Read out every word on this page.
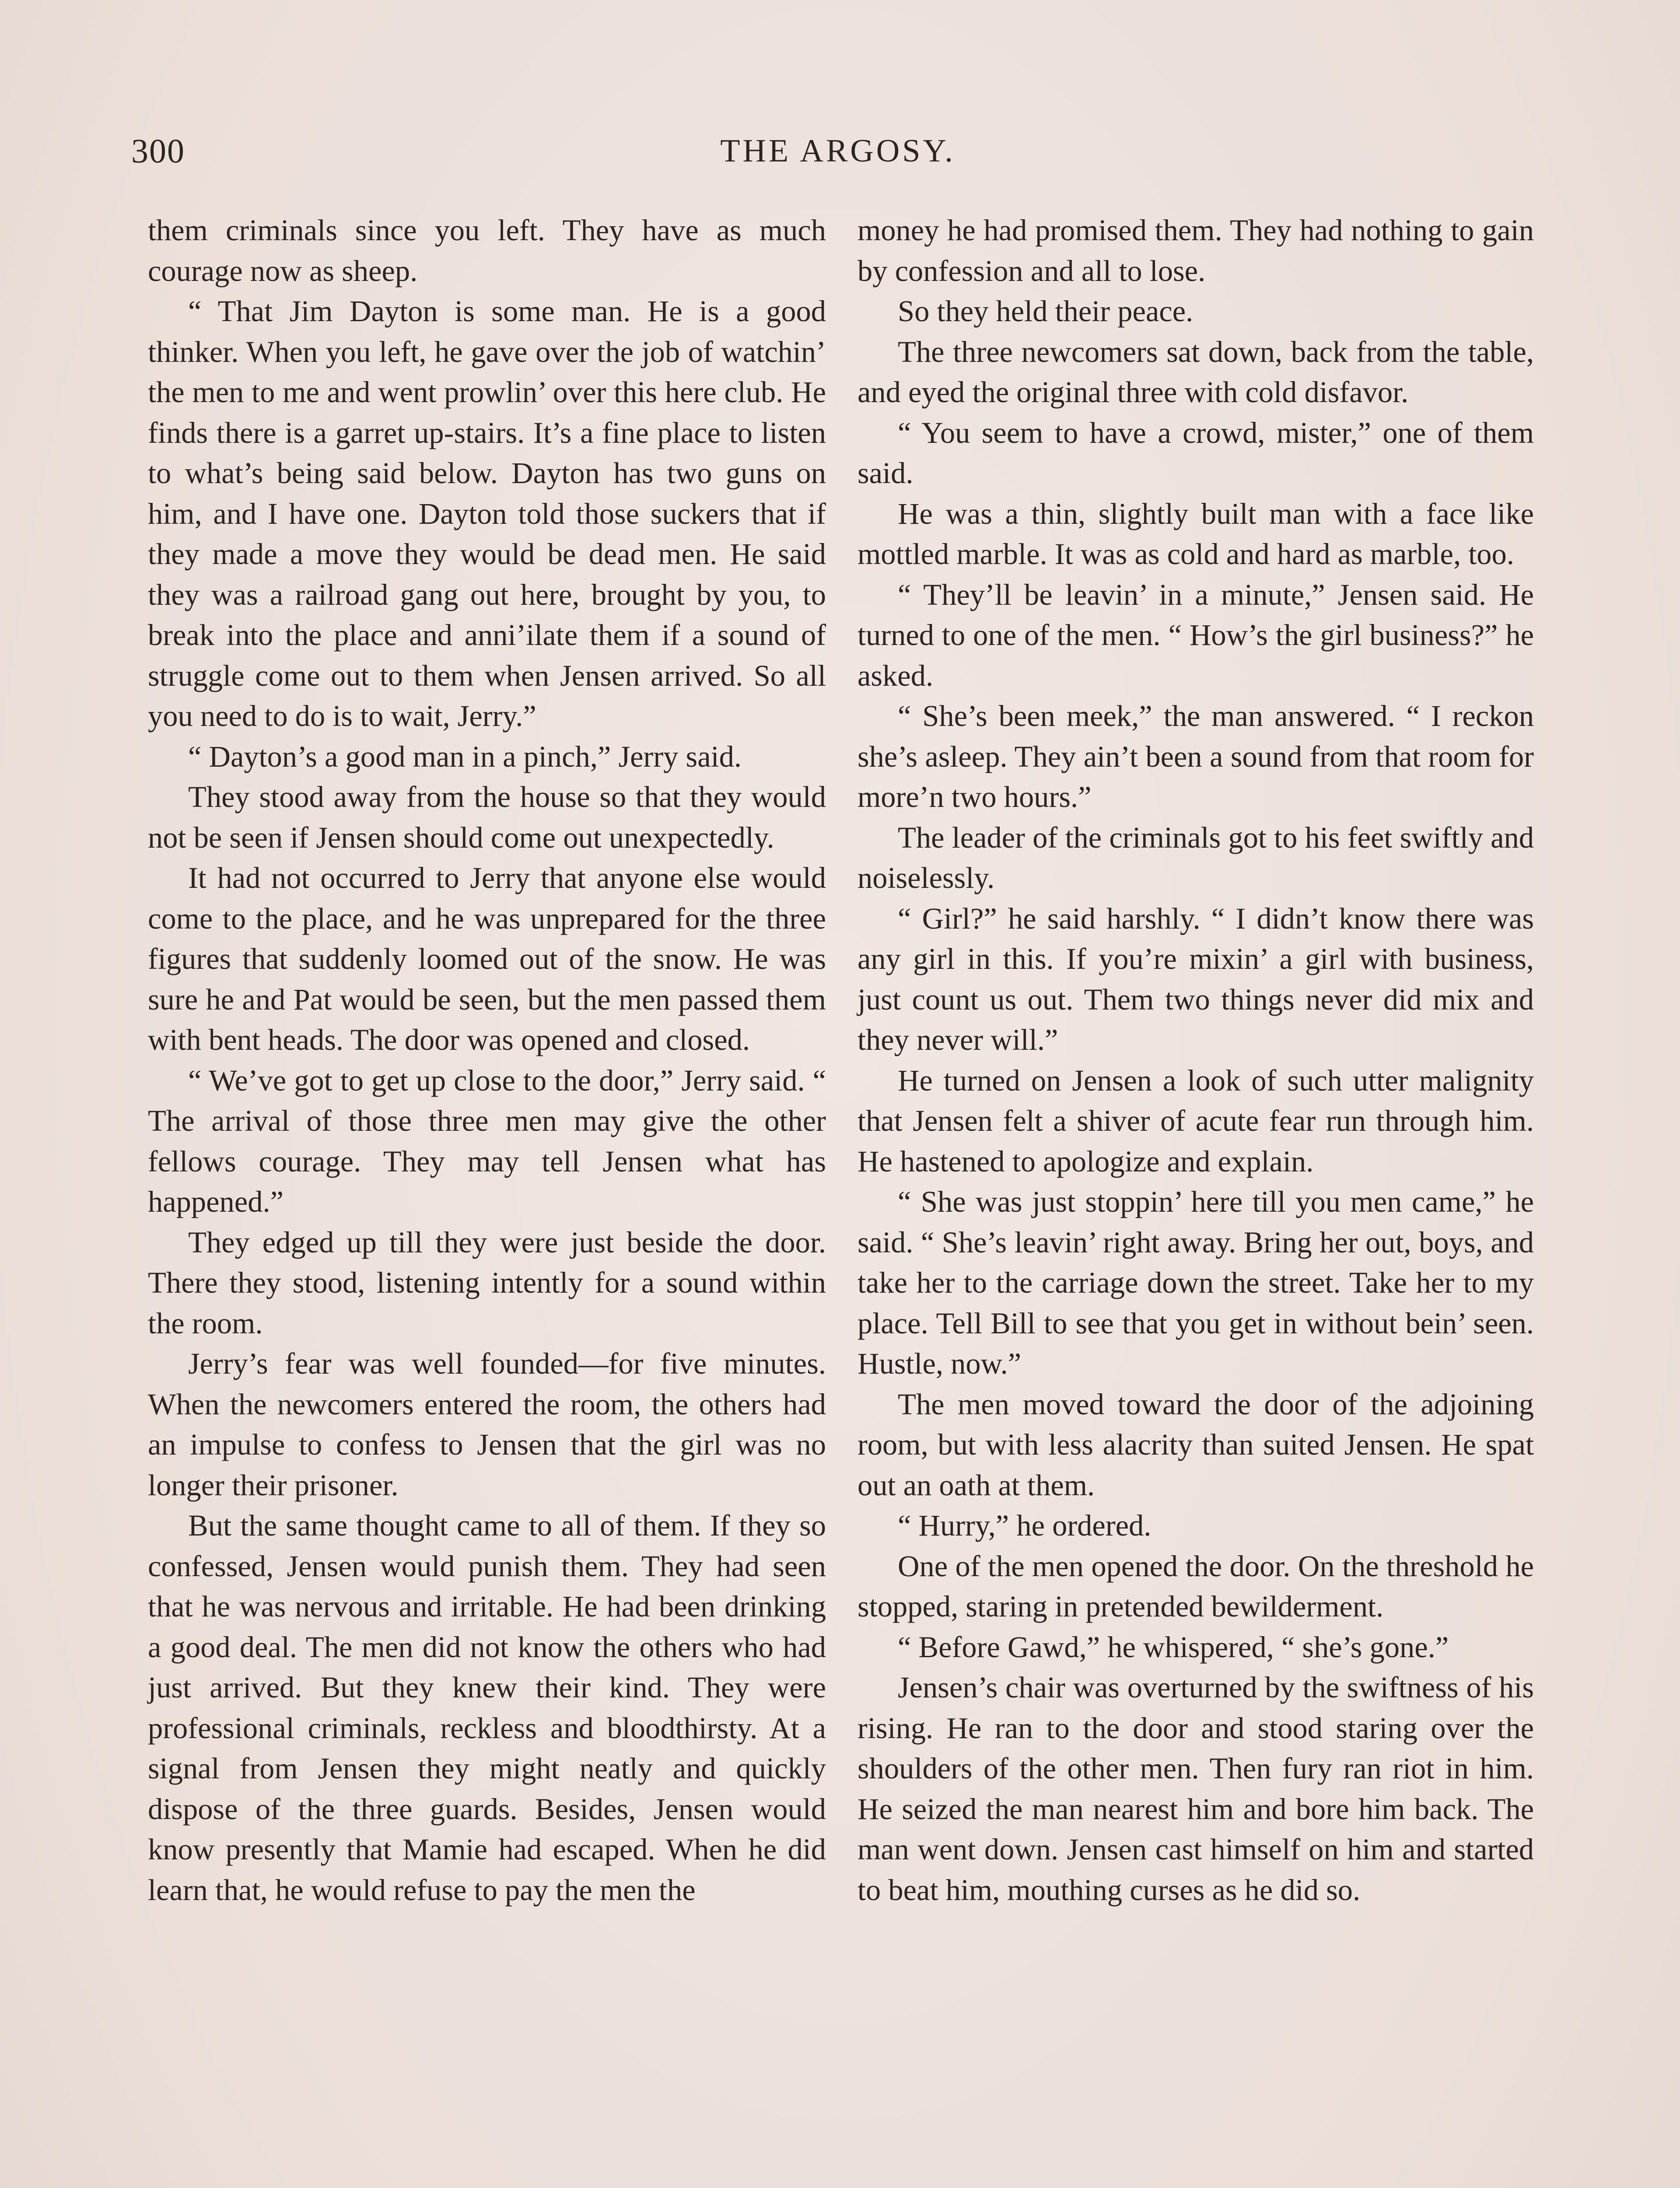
300	THE ARGOSY.

them criminals since you left. They have as much courage now as sheep.

“ That Jim Dayton is some man. He is a good thinker. When you left, he gave over the job of watchin’ the men to me and went prowlin’ over this here club. He finds there is a garret up-stairs. It’s a fine place to listen to what’s being said below. Dayton has two guns on him, and I have one. Dayton told those suckers that if they made a move they would be dead men. He said they was a railroad gang out here, brought by you, to break into the place and anni’ilate them if a sound of struggle come out to them when Jensen arrived. So all you need to do is to wait, Jerry.”

“ Dayton’s a good man in a pinch,” Jerry said.

They stood away from the house so that they would not be seen if Jensen should come out unexpectedly.

It had not occurred to Jerry that anyone else would come to the place, and he was unprepared for the three figures that suddenly loomed out of the snow. He was sure he and Pat would be seen, but the men passed them with bent heads. The door was opened and closed.

“ We’ve got to get up close to the door,” Jerry said. “ The arrival of those three men may give the other fellows courage. They may tell Jensen what has happened.”

They edged up till they were just beside the door. There they stood, listening intently for a sound within the room.

Jerry’s fear was well founded—for five minutes. When the newcomers entered the room, the others had an impulse to confess to Jensen that the girl was no longer their prisoner.

But the same thought came to all of them. If they so confessed, Jensen would punish them. They had seen that he was nervous and irritable. He had been drinking a good deal. The men did not know the others who had just arrived. But they knew their kind. They were professional criminals, reckless and bloodthirsty. At a signal from Jensen they might neatly and quickly dispose of the three guards. Besides, Jensen would know presently that Mamie had escaped. When he did learn that, he would refuse to pay the men the

money he had promised them. They had nothing to gain by confession and all to lose.

So they held their peace.

The three newcomers sat down, back from the table, and eyed the original three with cold disfavor.

“ You seem to have a crowd, mister,” one of them said.

He was a thin, slightly built man with a face like mottled marble. It was as cold and hard as marble, too.

“ They’ll be leavin’ in a minute,” Jensen said. He turned to one of the men. “ How’s the girl business?” he asked.

“ She’s been meek,” the man answered. “ I reckon she’s asleep. They ain’t been a sound from that room for more’n two hours.”

The leader of the criminals got to his feet swiftly and noiselessly.

“ Girl?” he said harshly. “ I didn’t know there was any girl in this. If you’re mixin’ a girl with business, just count us out. Them two things never did mix and they never will.”

He turned on Jensen a look of such utter malignity that Jensen felt a shiver of acute fear run through him. He hastened to apologize and explain.

“ She was just stoppin’ here till you men came,” he said. “ She’s leavin’ right away. Bring her out, boys, and take her to the carriage down the street. Take her to my place. Tell Bill to see that you get in without bein’ seen. Hustle, now.”

The men moved toward the door of the adjoining room, but with less alacrity than suited Jensen. He spat out an oath at them.

“ Hurry,” he ordered.

One of the men opened the door. On the threshold he stopped, staring in pretended bewilderment.

“ Before Gawd,” he whispered, “ she’s gone.”

Jensen’s chair was overturned by the swiftness of his rising. He ran to the door and stood staring over the shoulders of the other men. Then fury ran riot in him. He seized the man nearest him and bore him back. The man went down. Jensen cast himself on him and started to beat him, mouthing curses as he did so.
